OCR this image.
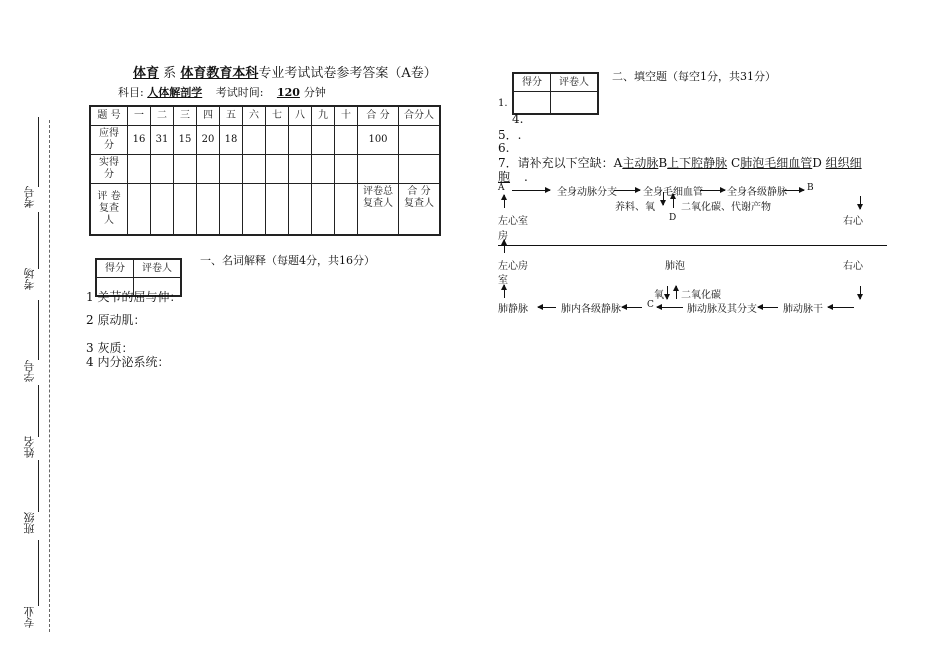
考号
考场
学号
姓名
班级
专业
体育 系 体育教育本科专业考试试卷参考答案（A卷）
科目: 人体解剖学 考试时间: 120 分钟
题 号	一	二	三	四	五	六	七	八	九	十	合 分	合分人
应得分	16	31	15	20	18						100	
实得分												
评 卷复查人											评卷总复查人	合 分复查人
得分	评卷人

一、名词解释（每题4分，共16分）
1 关节的屈与伸：
2 原动肌：
3 灰质：
4 内分泌系统：
得分	评卷人
	二、填空题（每空1分，共31分）
1.
4.
5．.
6.
7．请补充以下空缺：A主动脉B上下腔静脉 C肺泡毛细血管D 组织细胞 .
A	全身动脉分支	全身毛细血管 全身各级静脉 B
养料、氧	二氧化碳、代谢产物
D
左心室
房
右心
左心房
室
肺泡	右心
氧 二氧化碳
肺静脉	肺内各级静脉	C	肺动脉及其分支	肺动脉干
